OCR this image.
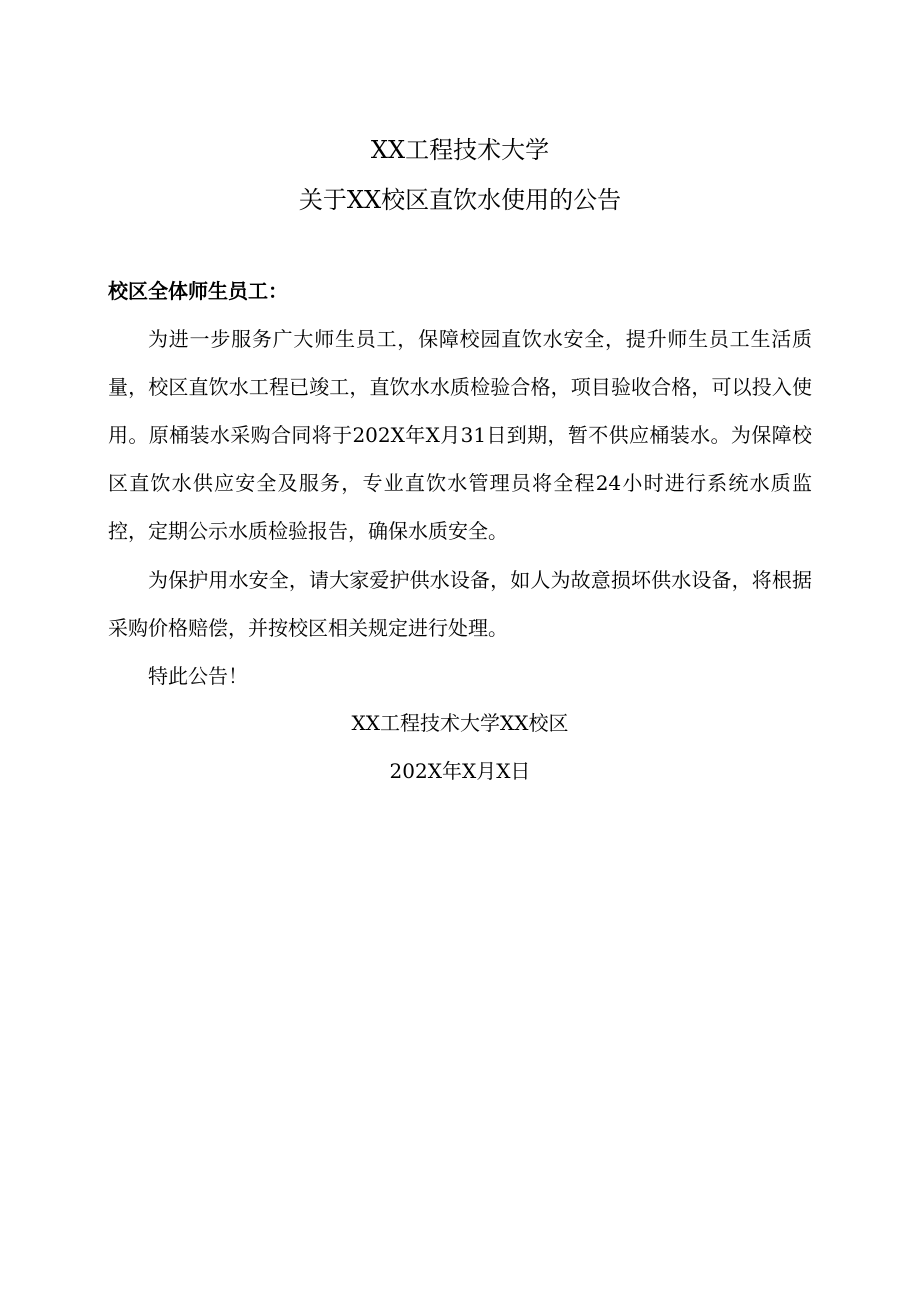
XX工程技术大学
关于XX校区直饮水使用的公告
校区全体师生员工：

为进一步服务广大师生员工，保障校园直饮水安全，提升师生员工生活质量，校区直饮水工程已竣工，直饮水水质检验合格，项目验收合格，可以投入使用。原桶装水采购合同将于202X年X月31日到期，暂不供应桶装水。为保障校区直饮水供应安全及服务，专业直饮水管理员将全程24小时进行系统水质监控，定期公示水质检验报告，确保水质安全。

为保护用水安全，请大家爱护供水设备，如人为故意损坏供水设备，将根据采购价格赔偿，并按校区相关规定进行处理。

特此公告！

XX工程技术大学XX校区
202X年X月X日
